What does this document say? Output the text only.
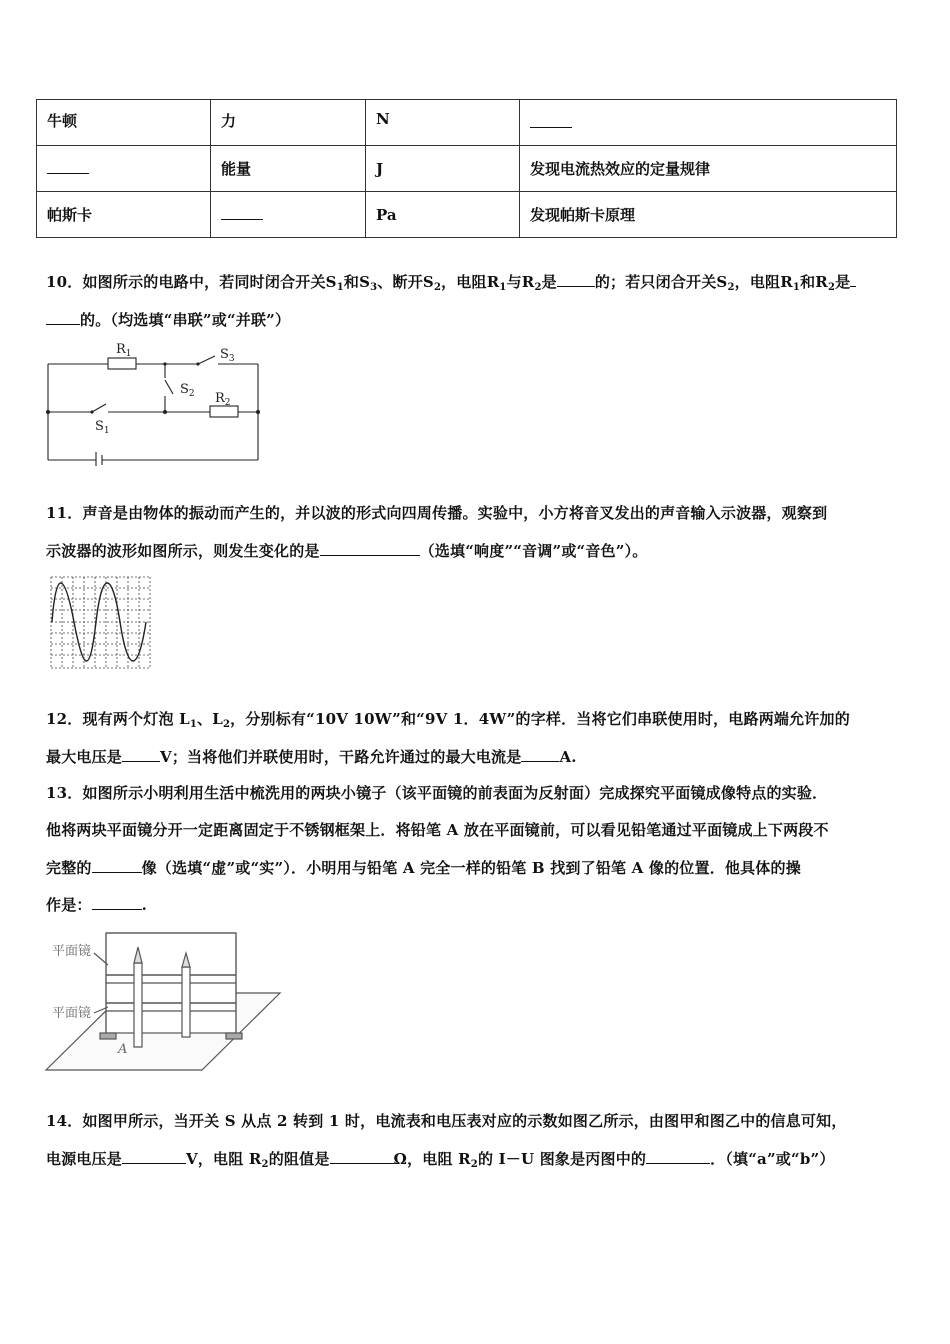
牛顿	力	N	
	能量	J	发现电流热效应的定量规律
帕斯卡		Pa	发现帕斯卡原理
10．如图所示的电路中，若同时闭合开关$S_1$和$S_3$、断开$S_2$，电阻$R_1$与$R_2$是	的；若只闭合开关$S_2$，电阻$R_1$和$R_2$是
的。（均选填“串联”或“并联”）
$R_1$	$S_3$
$S_2$ $R_2$
$S_1$
11．声音是由物体的振动而产生的，并以波的形式向四周传播。实验中，小方将音叉发出的声音输入示波器，观察到
示波器的波形如图所示，则发生变化的是	（选填“响度”“音调”或“音色”）。
12．现有两个灯泡 $L_1$、$L_2$，分别标有“10V 10W”和“9V 1．4W”的字样．当将它们串联使用时，电路两端允许加的
最大电压是	V；当将他们并联使用时，干路允许通过的最大电流是	A.
13．如图所示小明利用生活中梳洗用的两块小镜子（该平面镜的前表面为反射面）完成探究平面镜成像特点的实验．
他将两块平面镜分开一定距离固定于不锈钢框架上．将铅笔 A 放在平面镜前，可以看见铅笔通过平面镜成上下两段不
完整的	像（选填“虚”或“实”）．小明用与铅笔 A 完全一样的铅笔 B 找到了铅笔 A 像的位置．他具体的操
作是：	.
平面镜
平面镜
A
14．如图甲所示，当开关 S 从点 2 转到 1 时，电流表和电压表对应的示数如图乙所示，由图甲和图乙中的信息可知，
电源电压是	V，电阻 $R_2$的阻值是	Ω，电阻 $R_2$的 I－U 图象是丙图中的	．（填“a”或“b”）
